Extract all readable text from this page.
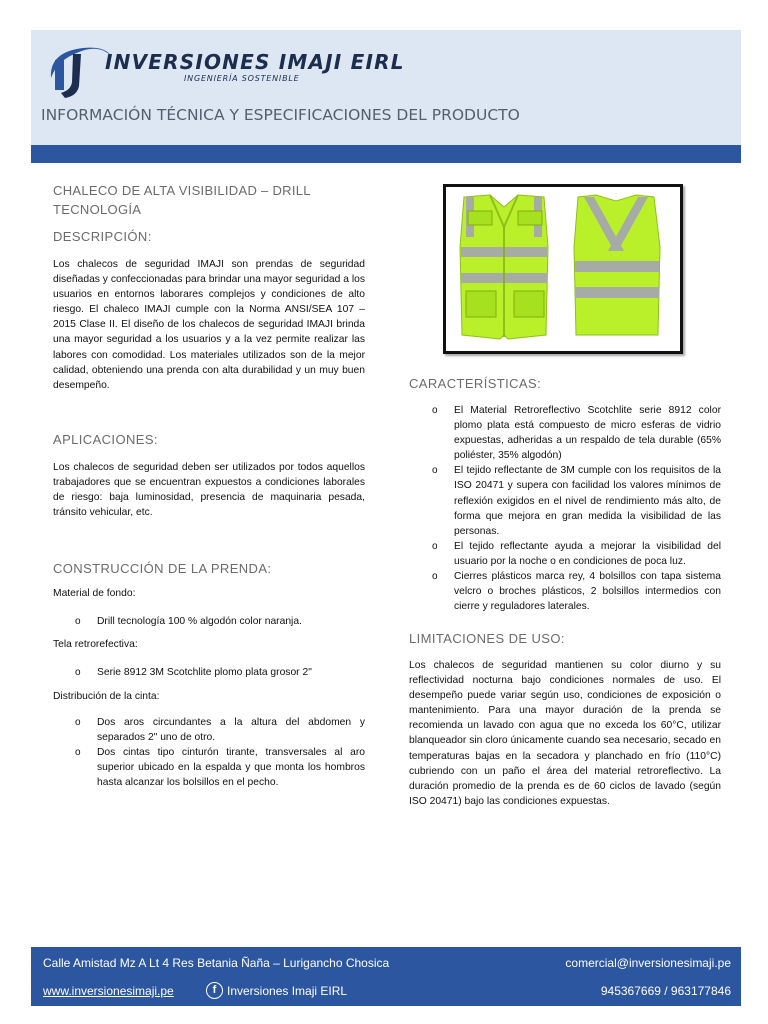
INVERSIONES IMAJI EIRL
INGENIERÍA SOSTENIBLE
INFORMACIÓN TÉCNICA Y ESPECIFICACIONES DEL PRODUCTO
CHALECO DE ALTA VISIBILIDAD – DRILL TECNOLOGÍA
DESCRIPCIÓN:
Los chalecos de seguridad IMAJI son prendas de seguridad diseñadas y confeccionadas para brindar una mayor seguridad a los usuarios en entornos laborares complejos y condiciones de alto riesgo. El chaleco IMAJI cumple con la Norma ANSI/SEA 107 – 2015 Clase II. El diseño de los chalecos de seguridad IMAJI brinda una mayor seguridad a los usuarios y a la vez permite realizar las labores con comodidad. Los materiales utilizados son de la mejor calidad, obteniendo una prenda con alta durabilidad y un muy buen desempeño.
APLICACIONES:
Los chalecos de seguridad deben ser utilizados por todos aquellos trabajadores que se encuentran expuestos a condiciones laborales de riesgo: baja luminosidad, presencia de maquinaria pesada, tránsito vehicular, etc.
CONSTRUCCIÓN DE LA PRENDA:
Material de fondo:
o	Drill tecnología 100 % algodón color naranja.
Tela retrorefectiva:
o	Serie 8912 3M Scotchlite plomo plata grosor 2"
Distribución de la cinta:
o	Dos aros circundantes a la altura del abdomen y separados 2" uno de otro.
o	Dos cintas tipo cinturón tirante, transversales al aro superior ubicado en la espalda y que monta los hombros hasta alcanzar los bolsillos en el pecho.
CARACTERÍSTICAS:
o	El Material Retroreflectivo Scotchlite serie 8912 color plomo plata está compuesto de micro esferas de vidrio expuestas, adheridas a un respaldo de tela durable (65% poliéster, 35% algodón)
o	El tejido reflectante de 3M cumple con los requisitos de la ISO 20471 y supera con facilidad los valores mínimos de reflexión exigidos en el nivel de rendimiento más alto, de forma que mejora en gran medida la visibilidad de las personas.
o	El tejido reflectante ayuda a mejorar la visibilidad del usuario por la noche o en condiciones de poca luz.
o	Cierres plásticos marca rey, 4 bolsillos con tapa sistema velcro o broches plásticos, 2 bolsillos intermedios con cierre y reguladores laterales.
LIMITACIONES DE USO:
Los chalecos de seguridad mantienen su color diurno y su reflectividad nocturna bajo condiciones normales de uso. El desempeño puede variar según uso, condiciones de exposición o mantenimiento. Para una mayor duración de la prenda se recomienda un lavado con agua que no exceda los 60°C, utilizar blanqueador sin cloro únicamente cuando sea necesario, secado en temperaturas bajas en la secadora y planchado en frío (110°C) cubriendo con un paño el área del material retroreflectivo. La duración promedio de la prenda es de 60 ciclos de lavado (según ISO 20471) bajo las condiciones expuestas.
Calle Amistad Mz A Lt 4 Res Betania Ñaña – Lurigancho Chosica	comercial@inversionesimaji.pe
www.inversionesimaji.pe	f Inversiones Imaji EIRL	945367669 / 963177846
